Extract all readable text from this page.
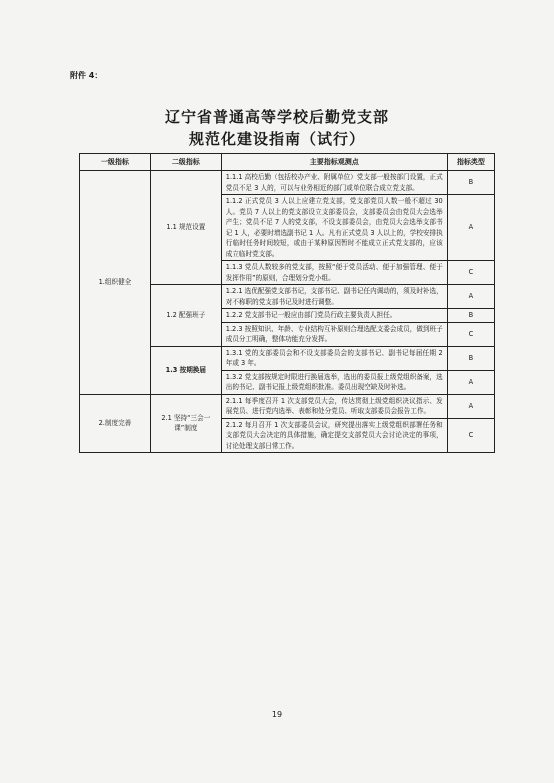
附件 4：
辽宁省普通高等学校后勤党支部
规范化建设指南（试行）
一级指标	二级指标	主要指标观测点	指标类型
1.组织健全	1.1 规范设置	1.1.1 高校后勤（包括校办产业、附属单位）党支部一般按部门设置，正式党员不足 3 人的，可以与业务相近的部门或单位联合成立党支部。	B
		1.1.2 正式党员 3 人以上应建立党支部，党支部党员人数一般不超过 30 人。党员 7 人以上的党支部设立支部委员会，支部委员会由党员大会选举产生；党员不足 7 人的党支部，不设支部委员会，由党员大会选举支部书记 1 人，必要时增选副书记 1 人。凡有正式党员 3 人以上的，学校安排执行临时任务时间较短，或由于某种原因暂时不能成立正式党支部的，应该成立临时党支部。	A
		1.1.3 党员人数较多的党支部，按照“便于党员活动、便于加强管理、便于发挥作用”的原则，合理划分党小组。	C
	1.2 配强班子	1.2.1 选优配强党支部书记，支部书记、副书记任内调动的，须及时补选，对不称职的党支部书记及时进行调整。	A
		1.2.2 党支部书记一般应由部门党员行政主要负责人担任。	B
		1.2.3 按照知识、年龄、专业结构互补原则合理选配支委会成员，做到班子成员分工明确，整体功能充分发挥。	C
	1.3 按期换届	1.3.1 党的支部委员会和不设支部委员会的支部书记、副书记每届任期 2 年或 3 年。	B
		1.3.2 党支部按规定时限进行换届选举，选出的委员报上级党组织备案，选出的书记、副书记报上级党组织批准。委员出现空缺及时补选。	A
2.制度完善	2.1 坚持“三会一课”制度	2.1.1 每季度召开 1 次支部党员大会，传达贯彻上级党组织决议指示、发展党员、进行党内选举、表彰和处分党员、听取支部委员会报告工作。	A
		2.1.2 每月召开 1 次支部委员会议，研究提出落实上级党组织部署任务和支部党员大会决定的具体措施，确定提交支部党员大会讨论决定的事项，讨论处理支部日常工作。	C
19
